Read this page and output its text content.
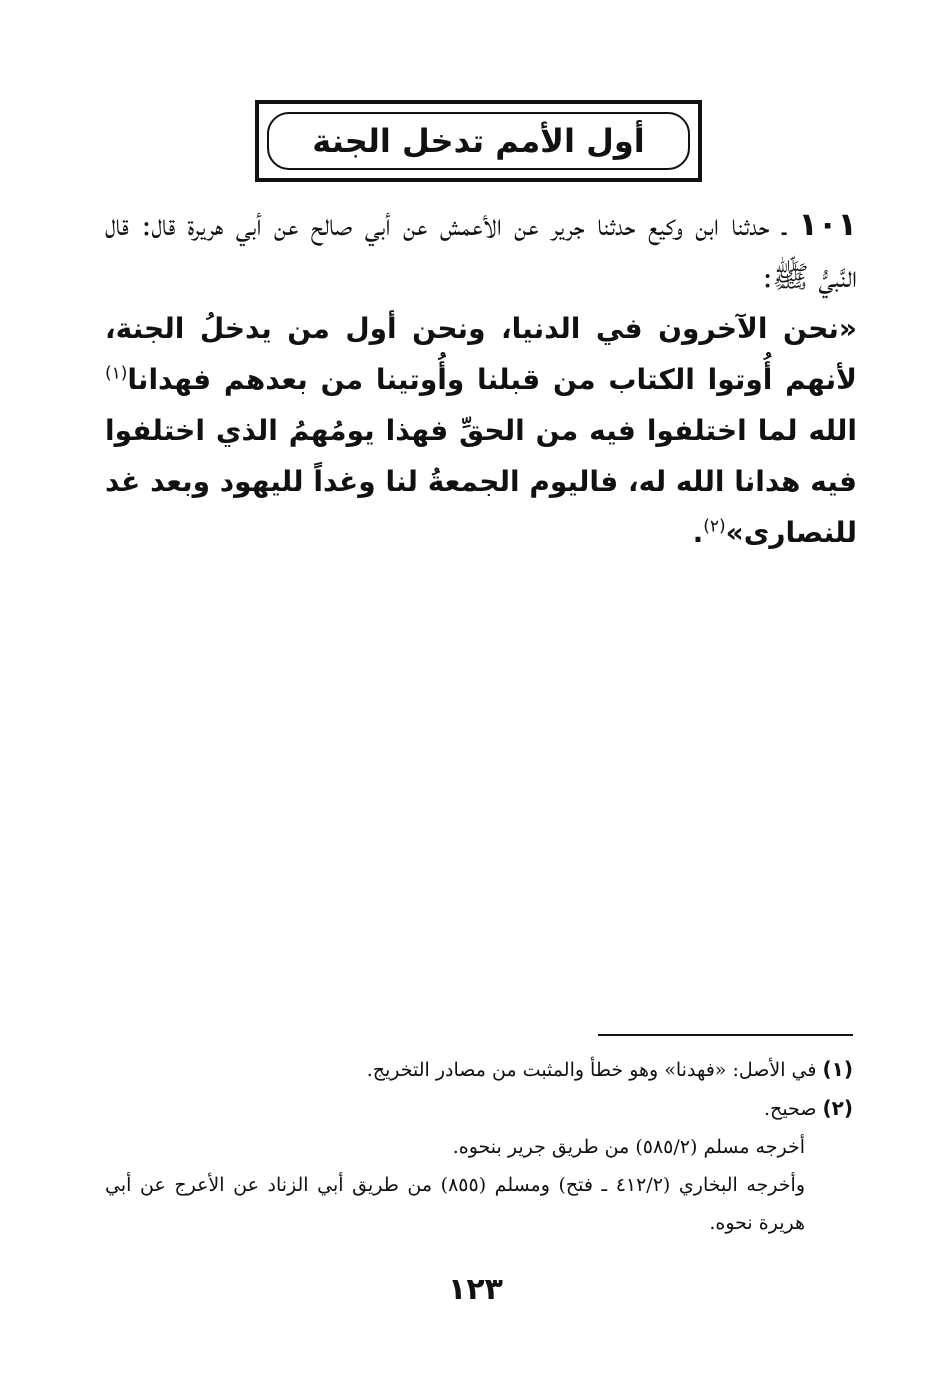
أول الأمم تدخل الجنة
١٠١ ـ حدثنا ابن وكيع حدثنا جرير عن الأعمش عن أبي صالح عن أبي هريرة قال: قال النَّبيُّ ﷺ:
«نحن الآخرون في الدنيا، ونحن أول من يدخلُ الجنة، لأنهم أُوتوا الكتاب من قبلنا وأُوتينا من بعدهم فهدانا$^{(١)}$ الله لما اختلفوا فيه من الحقِّ فهذا يومُهمُ الذي اختلفوا فيه هدانا الله له، فاليوم الجمعةُ لنا وغداً لليهود وبعد غد للنصارى»$^{(٢)}$.
(١) في الأصل: «فهدنا» وهو خطأ والمثبت من مصادر التخريج.
(٢) صحيح.
أخرجه مسلم (٥٨٥/٢) من طريق جرير بنحوه.
وأخرجه البخاري (٤١٢/٢ ـ فتح) ومسلم (٨٥٥) من طريق أبي الزناد عن الأعرج عن أبي هريرة نحوه.
١٢٣
